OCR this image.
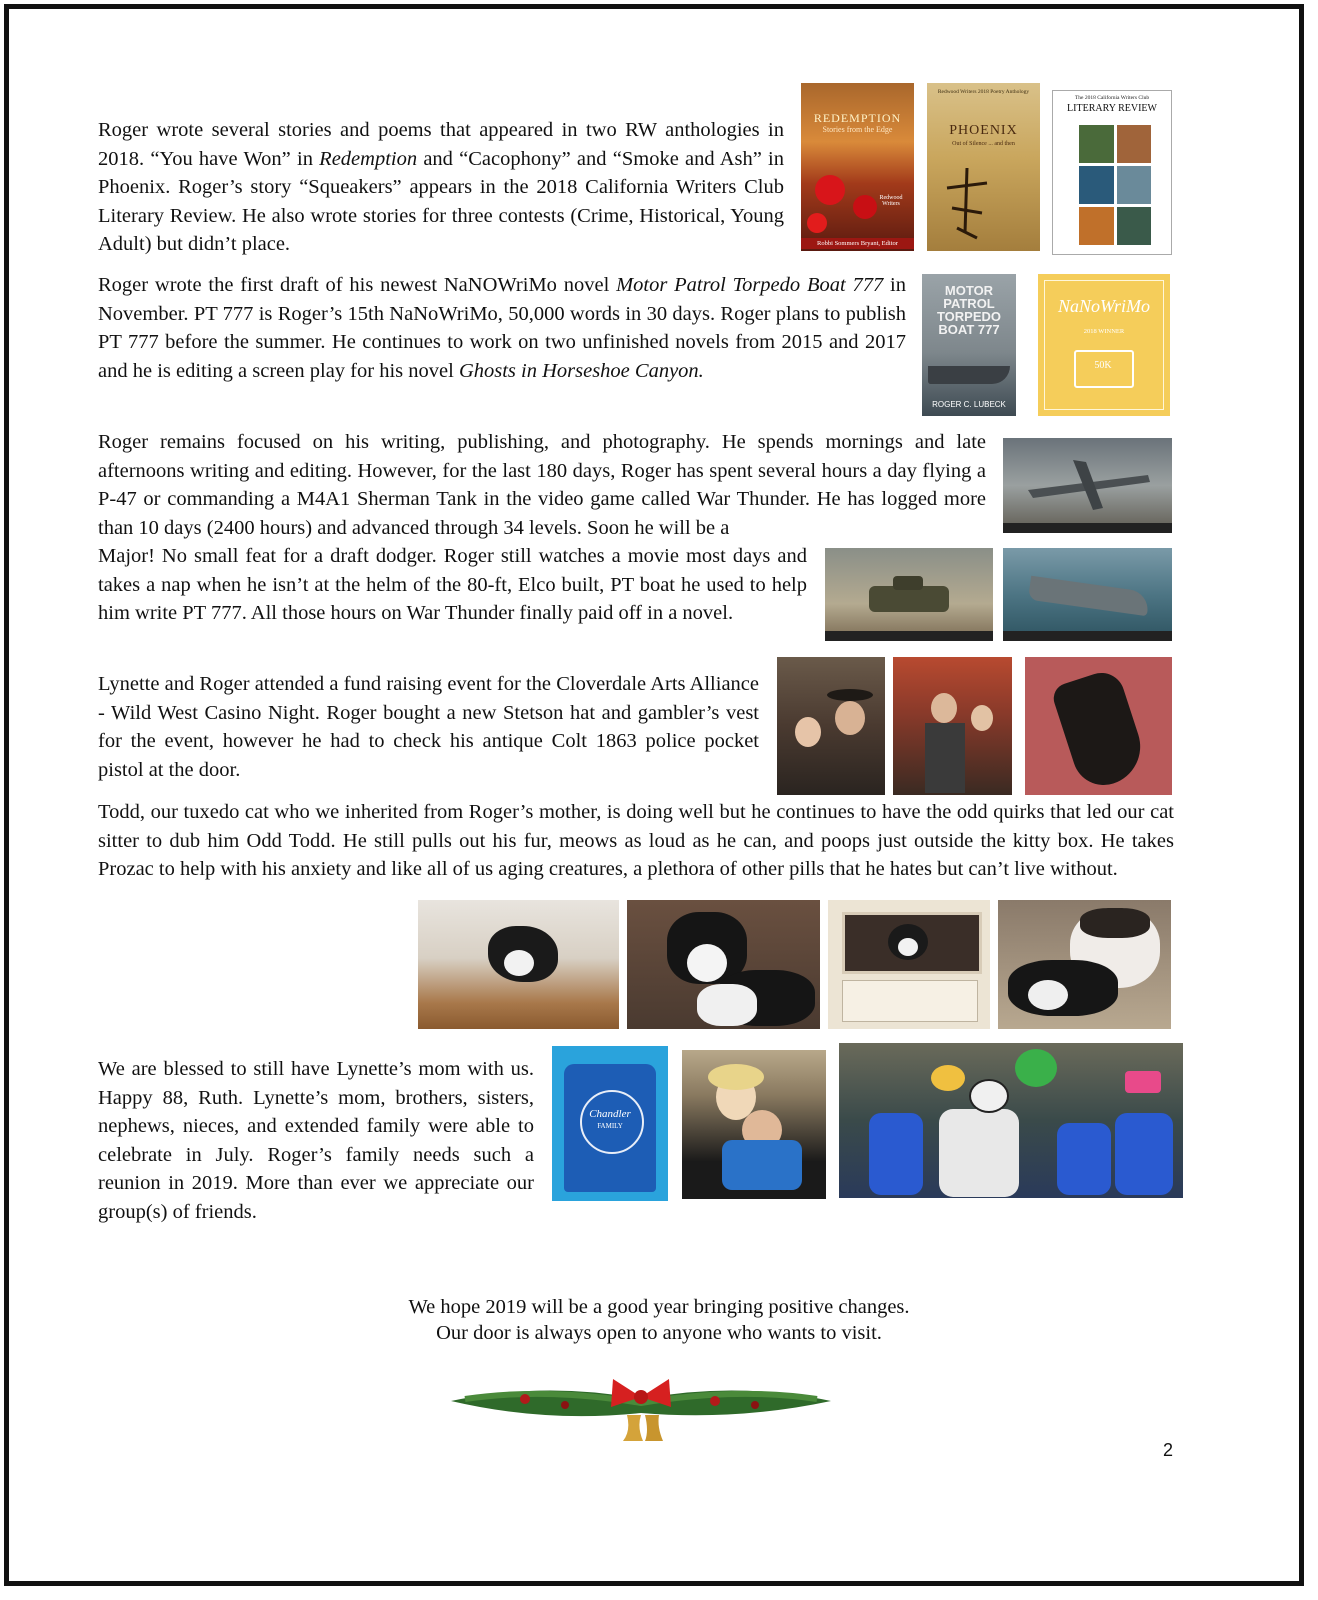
Roger wrote several stories and poems that appeared in two RW anthologies in 2018. “You have Won” in Redemption and “Cacophony” and “Smoke and Ash” in Phoenix. Roger’s story “Squeakers” appears in the 2018 California Writers Club Literary Review. He also wrote stories for three contests (Crime, Historical, Young Adult) but didn’t place.

REDEMPTION
Stories from the Edge
Redwood Writers
Robbi Sommers Bryant, Editor
Redwood Writers 2018 Poetry Anthology
PHOENIX
Out of Silence ... and then
The 2018 California Writers Club
LITERARY REVIEW

Roger wrote the first draft of his newest NaNOWriMo novel Motor Patrol Torpedo Boat 777 in November. PT 777 is Roger’s 15th NaNoWriMo, 50,000 words in 30 days. Roger plans to publish PT 777 before the summer. He continues to work on two unfinished novels from 2015 and 2017 and he is editing a screen play for his novel Ghosts in Horseshoe Canyon.

MOTOR PATROL TORPEDO BOAT 777
ROGER C. LUBECK
NaNoWriMo
2018 WINNER
50K

Roger remains focused on his writing, publishing, and photography. He spends mornings and late afternoons writing and editing. However, for the last 180 days, Roger has spent several hours a day flying a P-47 or commanding a M4A1 Sherman Tank in the video game called War Thunder. He has logged more than 10 days (2400 hours) and advanced through 34 levels. Soon he will be a

Major! No small feat for a draft dodger. Roger still watches a movie most days and takes a nap when he isn’t at the helm of the 80-ft, Elco built, PT boat he used to help him write PT 777. All those hours on War Thunder finally paid off in a novel.

Lynette and Roger attended a fund raising event for the Cloverdale Arts Alliance - Wild West Casino Night. Roger bought a new Stetson hat and gambler’s vest for the event, however he had to check his antique Colt 1863 police pocket pistol at the door.

Todd, our tuxedo cat who we inherited from Roger’s mother, is doing well but he continues to have the odd quirks that led our cat sitter to dub him Odd Todd. He still pulls out his fur, meows as loud as he can, and poops just outside the kitty box. He takes Prozac to help with his anxiety and like all of us aging creatures, a plethora of other pills that he hates but can’t live without.

We are blessed to still have Lynette’s mom with us. Happy 88, Ruth. Lynette’s mom, brothers, sisters, nephews, nieces, and extended family were able to celebrate in July. Roger’s family needs such a reunion in 2019. More than ever we appreciate our group(s) of friends.

Chandler
FAMILY
We hope 2019 will be a good year bringing positive changes.
Our door is always open to anyone who wants to visit.
2
